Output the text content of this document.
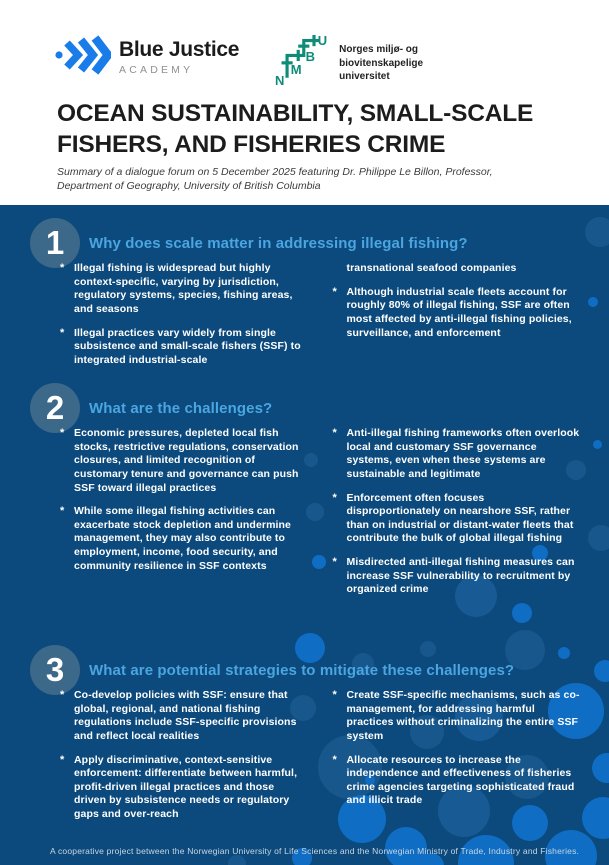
Blue Justice
ACADEMY
N
M
B
U
Norges miljø- og
biovitenskapelige
universitet
OCEAN SUSTAINABILITY, SMALL-SCALE
FISHERS, AND FISHERIES CRIME

Summary of a dialogue forum on 5 December 2025 featuring Dr. Philippe Le Billon, Professor, Department of Geography, University of British Columbia

1 Why does scale matter in addressing illegal fishing?
* Illegal fishing is widespread but highly context-specific, varying by jurisdiction, regulatory systems, species, fishing areas, and seasons

* Illegal practices vary widely from single subsistence and small-scale fishers (SSF) to integrated industrial-scale

transnational seafood companies

* Although industrial scale fleets account for roughly 80% of illegal fishing, SSF are often most affected by anti-illegal fishing policies, surveillance, and enforcement

2 What are the challenges?
* Economic pressures, depleted local fish stocks, restrictive regulations, conservation closures, and limited recognition of customary tenure and governance can push SSF toward illegal practices

* While some illegal fishing activities can exacerbate stock depletion and undermine management, they may also contribute to employment, income, food security, and community resilience in SSF contexts

* Anti-illegal fishing frameworks often overlook local and customary SSF governance systems, even when these systems are sustainable and legitimate

* Enforcement often focuses disproportionately on nearshore SSF, rather than on industrial or distant-water fleets that contribute the bulk of global illegal fishing

* Misdirected anti-illegal fishing measures can increase SSF vulnerability to recruitment by organized crime

3 What are potential strategies to mitigate these challenges?
* Co-develop policies with SSF: ensure that global, regional, and national fishing regulations include SSF-specific provisions and reflect local realities

* Apply discriminative, context-sensitive enforcement: differentiate between harmful, profit-driven illegal practices and those driven by subsistence needs or regulatory gaps and over-reach

* Create SSF-specific mechanisms, such as co-management, for addressing harmful practices without criminalizing the entire SSF system

* Allocate resources to increase the independence and effectiveness of fisheries crime agencies targeting sophisticated fraud and illicit trade

A cooperative project between the Norwegian University of Life Sciences and the Norwegian Ministry of Trade, Industry and Fisheries.
